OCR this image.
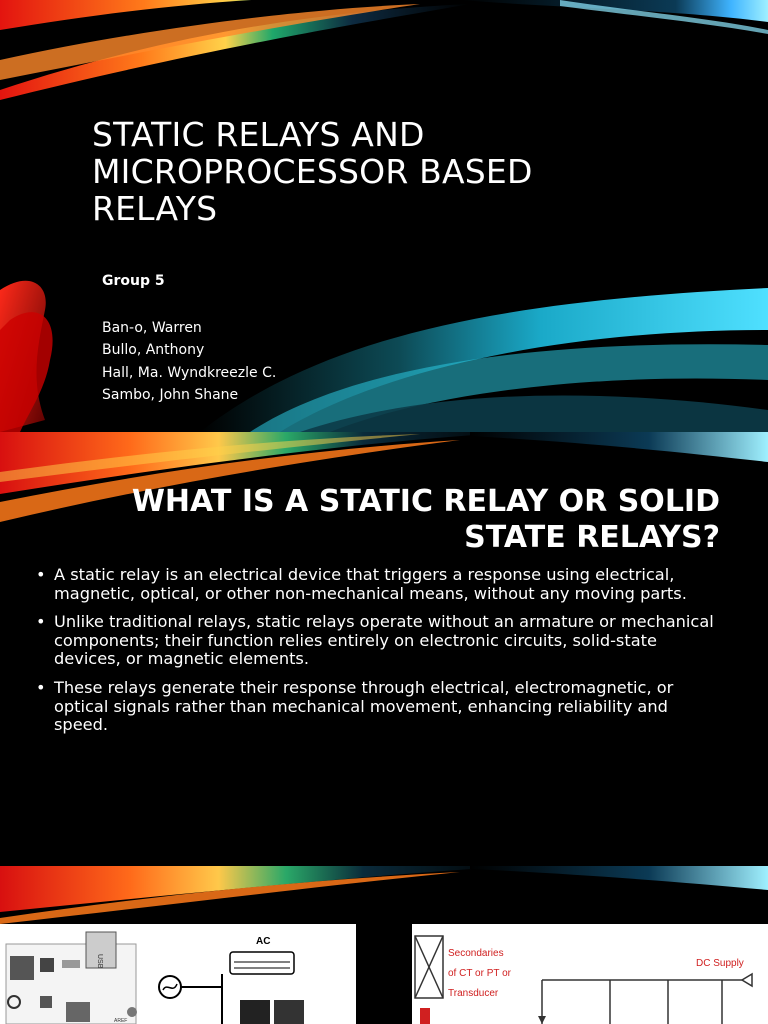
STATIC RELAYS AND MICROPROCESSOR BASED RELAYS
Group 5
Ban-o, Warren
Bullo, Anthony
Hall, Ma. Wyndkreezle C.
Sambo, John Shane
WHAT IS A STATIC RELAY OR SOLID STATE RELAYS?
• A static relay is an electrical device that triggers a response using electrical, magnetic, optical, or other non-mechanical means, without any moving parts.
• Unlike traditional relays, static relays operate without an armature or mechanical components; their function relies entirely on electronic circuits, solid-state devices, or magnetic elements.
• These relays generate their response through electrical, electromagnetic, or optical signals rather than mechanical movement, enhancing reliability and speed.
USB
AREF
AC
Secondaries
of CT or PT or
Transducer
DC Supply
